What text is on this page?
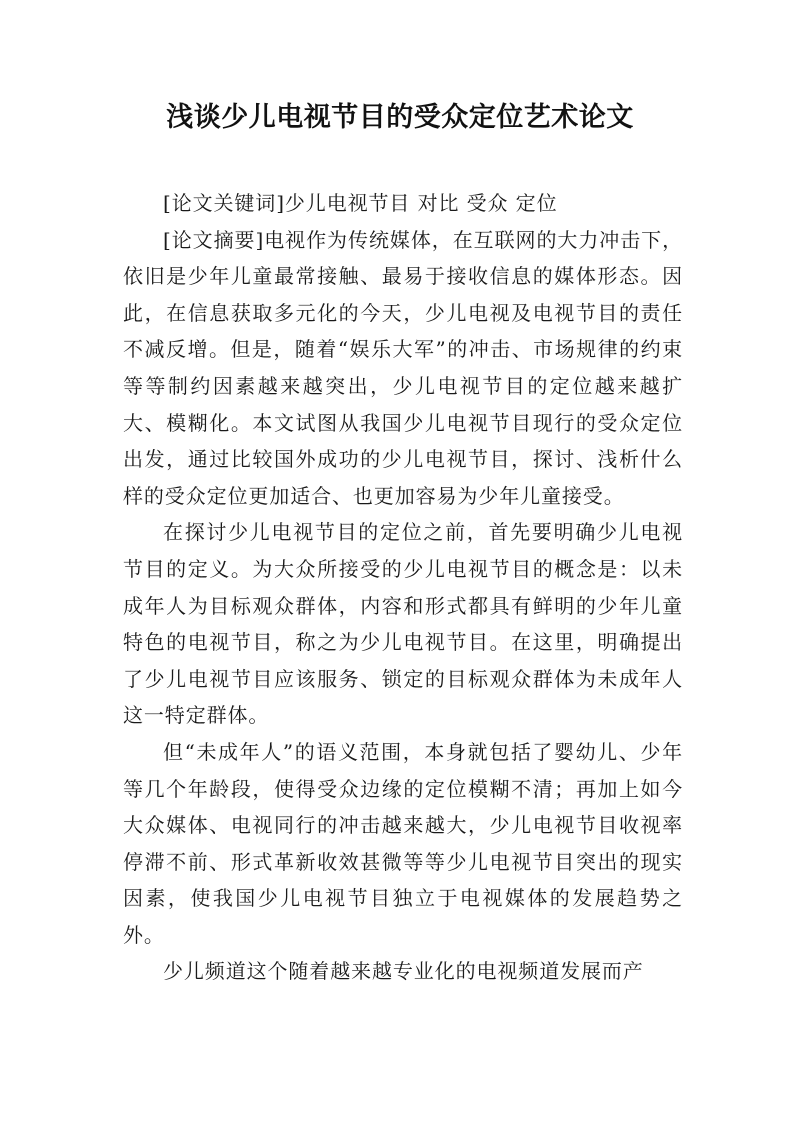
浅谈少儿电视节目的受众定位艺术论文

[论文关键词]少儿电视节目 对比 受众 定位

[论文摘要]电视作为传统媒体，在互联网的大力冲击下，依旧是少年儿童最常接触、最易于接收信息的媒体形态。因此，在信息获取多元化的今天，少儿电视及电视节目的责任不减反增。但是，随着“娱乐大军”的冲击、市场规律的约束等等制约因素越来越突出，少儿电视节目的定位越来越扩大、模糊化。本文试图从我国少儿电视节目现行的受众定位出发，通过比较国外成功的少儿电视节目，探讨、浅析什么样的受众定位更加适合、也更加容易为少年儿童接受。

在探讨少儿电视节目的定位之前，首先要明确少儿电视节目的定义。为大众所接受的少儿电视节目的概念是：以未成年人为目标观众群体，内容和形式都具有鲜明的少年儿童特色的电视节目，称之为少儿电视节目。在这里，明确提出了少儿电视节目应该服务、锁定的目标观众群体为未成年人这一特定群体。

但“未成年人”的语义范围，本身就包括了婴幼儿、少年等几个年龄段，使得受众边缘的定位模糊不清；再加上如今大众媒体、电视同行的冲击越来越大，少儿电视节目收视率停滞不前、形式革新收效甚微等等少儿电视节目突出的现实因素，使我国少儿电视节目独立于电视媒体的发展趋势之外。

少儿频道这个随着越来越专业化的电视频道发展而产
